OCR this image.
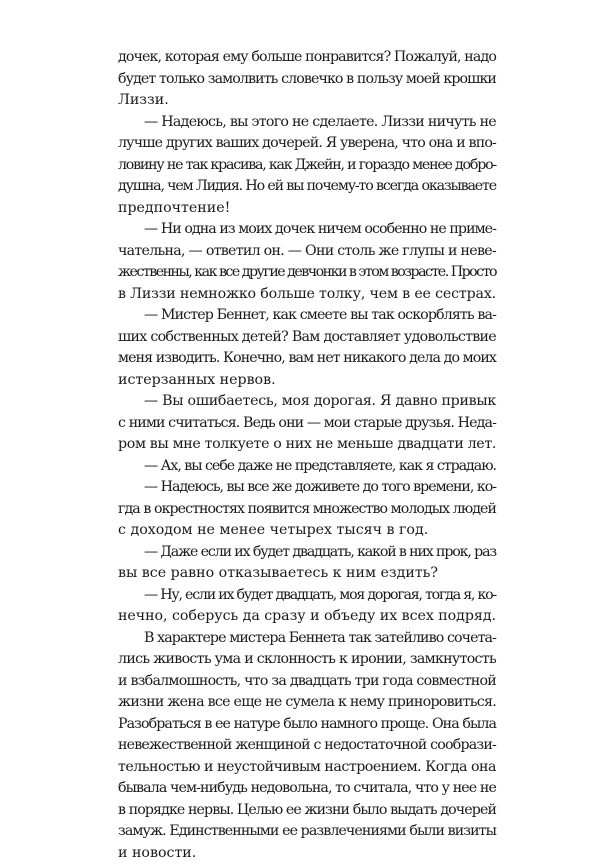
дочек, которая ему больше понравится? Пожалуй, надо
будет только замолвить словечко в пользу моей крошки
Лиззи.
— Надеюсь, вы этого не сделаете. Лиззи ничуть не
лучше других ваших дочерей. Я уверена, что она и впо-
ловину не так красива, как Джейн, и гораздо менее добро-
душна, чем Лидия. Но ей вы почему-то всегда оказываете
предпочтение!
— Ни одна из моих дочек ничем особенно не приме-
чательна, — ответил он. — Они столь же глупы и неве-
жественны, как все другие девчонки в этом возрасте. Просто
в Лиззи немножко больше толку, чем в ее сестрах.
— Мистер Беннет, как смеете вы так оскорблять ва-
ших собственных детей? Вам доставляет удовольствие
меня изводить. Конечно, вам нет никакого дела до моих
истерзанных нервов.
— Вы ошибаетесь, моя дорогая. Я давно привык
с ними считаться. Ведь они — мои старые друзья. Неда-
ром вы мне толкуете о них не меньше двадцати лет.
— Ах, вы себе даже не представляете, как я страдаю.
— Надеюсь, вы все же доживете до того времени, ко-
гда в окрестностях появится множество молодых людей
с доходом не менее четырех тысяч в год.
— Даже если их будет двадцать, какой в них прок, раз
вы все равно отказываетесь к ним ездить?
— Ну, если их будет двадцать, моя дорогая, тогда я, ко-
нечно, соберусь да сразу и объеду их всех подряд.
В характере мистера Беннета так затейливо сочета-
лись живость ума и склонность к иронии, замкнутость
и взбалмошность, что за двадцать три года совместной
жизни жена все еще не сумела к нему приноровиться.
Разобраться в ее натуре было намного проще. Она была
невежественной женщиной с недостаточной сообрази-
тельностью и неустойчивым настроением. Когда она
бывала чем-нибудь недовольна, то считала, что у нее не
в порядке нервы. Целью ее жизни было выдать дочерей
замуж. Единственными ее развлечениями были визиты
и новости.
